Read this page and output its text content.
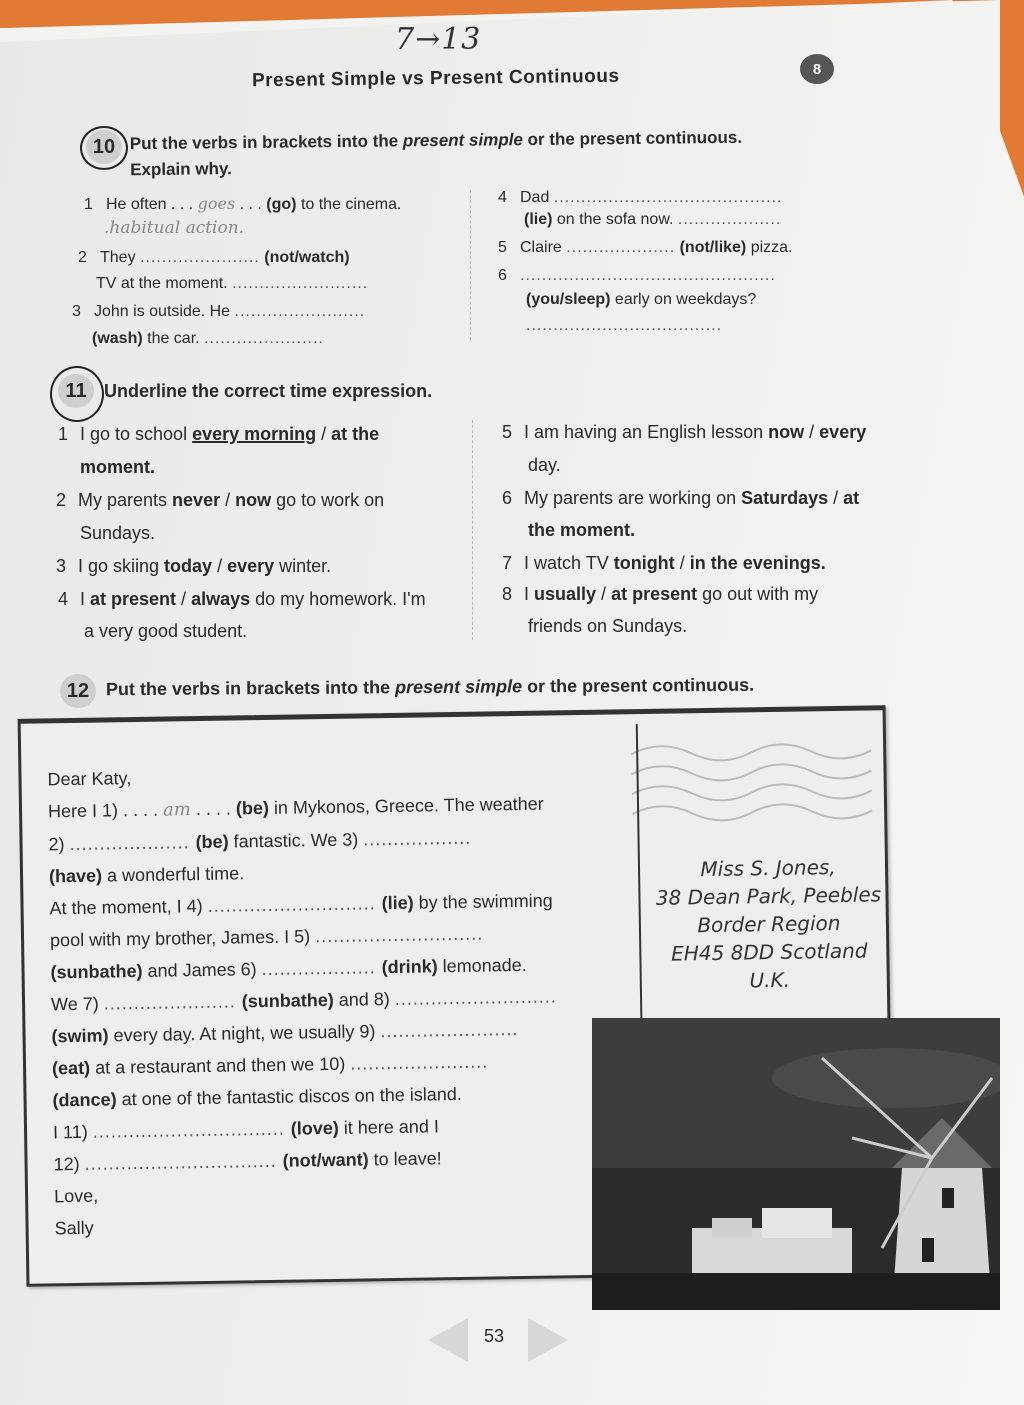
7→13
Present Simple vs Present Continuous	8
10 Put the verbs in brackets into the present simple or the present continuous.
Explain why.
1 He often . . . goes . . . (go) to the cinema.
.habitual action.
2 They ...................... (not/watch)
TV at the moment. .........................
3 John is outside. He ........................
(wash) the car. ......................
4 Dad ..........................................
(lie) on the sofa now. ...................
5 Claire .................... (not/like) pizza.
6 ...............................................
(you/sleep) early on weekdays?
....................................
11 Underline the correct time expression.
1 I go to school every morning / at the
moment.
2 My parents never / now go to work on
Sundays.
3 I go skiing today / every winter.
4 I at present / always do my homework. I'm
a very good student.
5 I am having an English lesson now / every
day.
6 My parents are working on Saturdays / at
the moment.
7 I watch TV tonight / in the evenings.
8 I usually / at present go out with my
friends on Sundays.
12 Put the verbs in brackets into the present simple or the present continuous.
Dear Katy,
Here I 1) . . . . am . . . . (be) in Mykonos, Greece. The weather
2) .................... (be) fantastic. We 3) ..................
(have) a wonderful time.
At the moment, I 4) ............................ (lie) by the swimming
pool with my brother, James. I 5) ............................
(sunbathe) and James 6) ................... (drink) lemonade.
We 7) ...................... (sunbathe) and 8) ...........................
(swim) every day. At night, we usually 9) .......................
(eat) at a restaurant and then we 10) .......................
(dance) at one of the fantastic discos on the island.
I 11) ................................ (love) it here and I
12) ................................ (not/want) to leave!
Love,
Sally
Miss S. Jones,
38 Dean Park, Peebles
Border Region
EH45 8DD Scotland
U.K.
53
